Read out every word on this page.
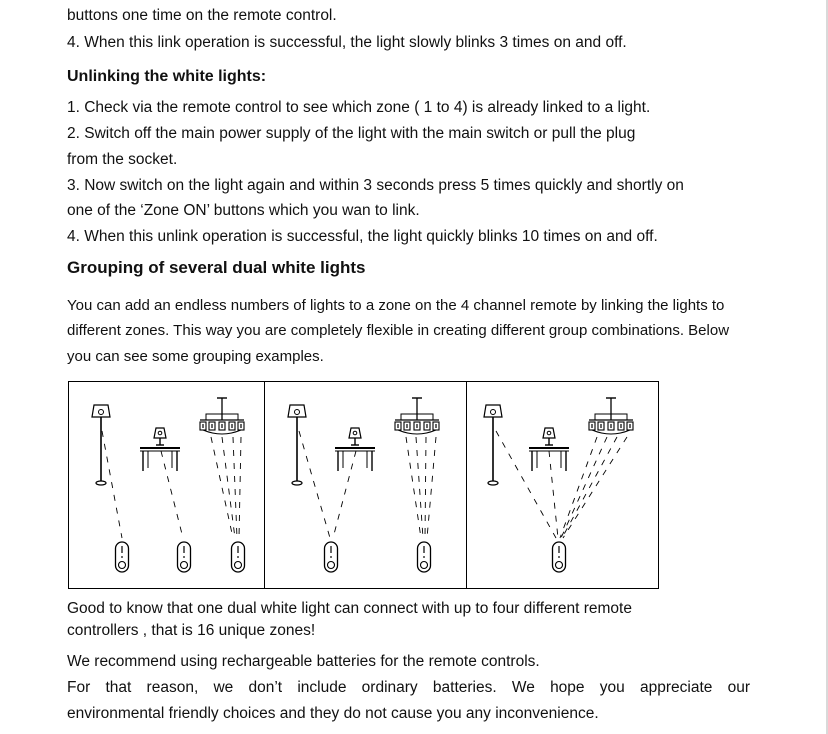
buttons one time on the remote control.
4. When this link operation is successful, the light slowly blinks 3 times on and off.
Unlinking the white lights:
1. Check via the remote control to see which zone ( 1 to 4) is already linked to a light.
2. Switch off the main power supply of the light with the main switch or pull the plug
from the socket.
3. Now switch on the light again and within 3 seconds press 5 times quickly and shortly on
one of the ‘Zone ON’ buttons which you wan to link.
4. When this unlink operation is successful, the light quickly blinks 10 times on and off.
Grouping of several dual white lights
You can add an endless numbers of lights to a zone on the 4 channel remote by linking the lights to
different zones. This way you are completely flexible in creating different group combinations. Below
you can see some grouping examples.
Good to know that one dual white light can connect with up to four different remote
controllers , that is 16 unique zones!
We recommend using rechargeable batteries for the remote controls.
For that reason, we don’t include ordinary batteries. We hope you appreciate our
environmental friendly choices and they do not cause you any inconvenience.
